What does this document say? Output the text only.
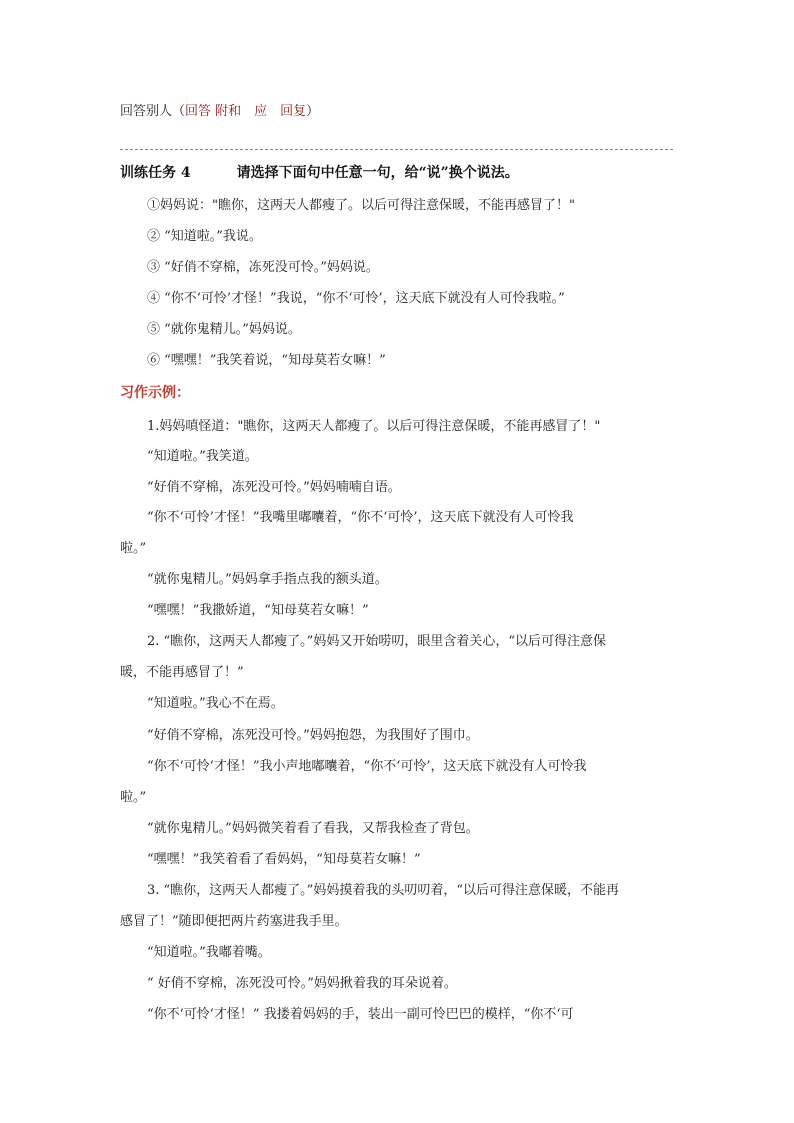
回答别人（回答 附和　应　回复）
训练任务 4	请选择下面句中任意一句，给“说”换个说法。
①妈妈说："瞧你，这两天人都瘦了。以后可得注意保暖，不能再感冒了！"
② “知道啦。”我说。
③ “好俏不穿棉，冻死没可怜。”妈妈说。
④ “你不‘可怜’才怪！”我说，“你不‘可怜’，这天底下就没有人可怜我啦。”
⑤ “就你鬼精儿。”妈妈说。
⑥ “嘿嘿！”我笑着说，“知母莫若女嘛！”
习作示例：
1.妈妈嗔怪道："瞧你，这两天人都瘦了。以后可得注意保暖，不能再感冒了！"
“知道啦。”我笑道。
“好俏不穿棉，冻死没可怜。”妈妈喃喃自语。
“你不‘可怜’才怪！”我嘴里嘟囔着，“你不‘可怜’，这天底下就没有人可怜我
啦。”
“就你鬼精儿。”妈妈拿手指点我的额头道。
“嘿嘿！”我撒娇道，“知母莫若女嘛！”
2. “瞧你，这两天人都瘦了。”妈妈又开始唠叨，眼里含着关心，“以后可得注意保
暖，不能再感冒了！”
“知道啦。”我心不在焉。
“好俏不穿棉，冻死没可怜。”妈妈抱怨，为我围好了围巾。
“你不‘可怜’才怪！”我小声地嘟囔着，“你不‘可怜’，这天底下就没有人可怜我
啦。”
“就你鬼精儿。”妈妈微笑着看了看我，又帮我检查了背包。
“嘿嘿！”我笑着看了看妈妈，“知母莫若女嘛！”
3. “瞧你，这两天人都瘦了。”妈妈摸着我的头叨叨着，“以后可得注意保暖，不能再
感冒了！”随即便把两片药塞进我手里。
“知道啦。”我嘟着嘴。
“ 好俏不穿棉，冻死没可怜。”妈妈揪着我的耳朵说着。
“你不‘可怜’才怪！” 我搂着妈妈的手，装出一副可怜巴巴的模样，“你不‘可
